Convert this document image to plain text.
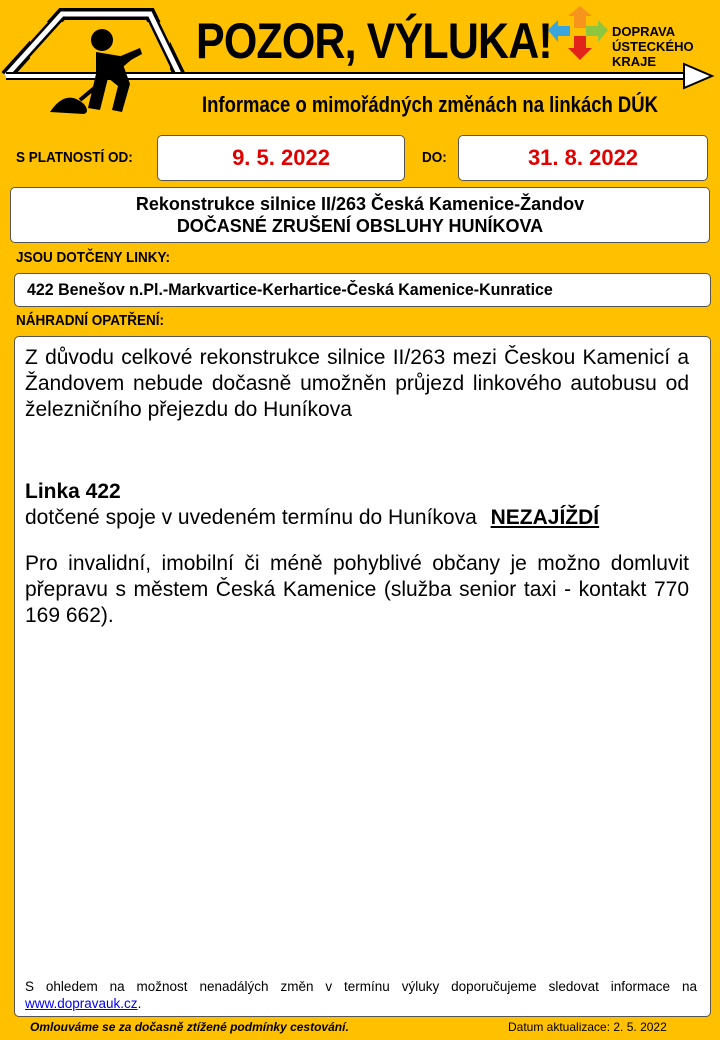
POZOR, VÝLUKA!
Informace o mimořádných změnách na linkách DÚK
DOPRAVA
ÚSTECKÉHO
KRAJE
S PLATNOSTÍ OD:	9. 5. 2022	DO:	31. 8. 2022
Rekonstrukce silnice II/263 Česká Kamenice-Žandov
DOČASNÉ ZRUŠENÍ OBSLUHY HUNÍKOVA
JSOU DOTČENY LINKY:
422 Benešov n.Pl.-Markvartice-Kerhartice-Česká Kamenice-Kunratice
NÁHRADNÍ OPATŘENÍ:
Z důvodu celkové rekonstrukce silnice II/263 mezi Českou Kamenicí a Žandovem nebude dočasně umožněn průjezd linkového autobusu od železničního přejezdu do Huníkova
Linka 422
dotčené spoje v uvedeném termínu do Huníkova NEZAJÍŽDÍ
Pro invalidní, imobilní či méně pohyblivé občany je možno domluvit přepravu s městem Česká Kamenice (služba senior taxi - kontakt 770 169 662).
S ohledem na možnost nenadálých změn v termínu výluky doporučujeme sledovat informace na www.dopravauk.cz.
Omlouváme se za dočasně ztížené podmínky cestování.	Datum aktualizace: 2. 5. 2022
